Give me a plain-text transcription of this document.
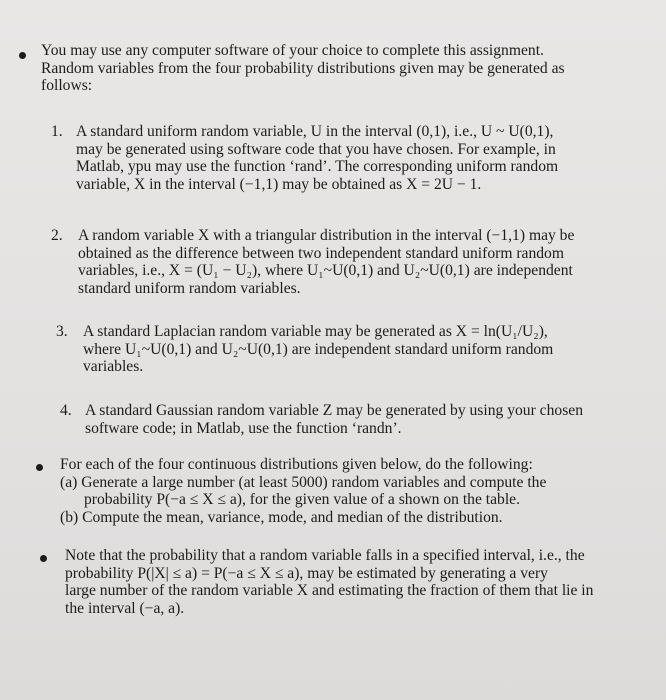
You may use any computer software of your choice to complete this assignment.

Random variables from the four probability distributions given may be generated as

follows:

1. A standard uniform random variable, U in the interval (0,1), i.e., U ~ U(0,1),

may be generated using software code that you have chosen. For example, in

Matlab, ypu may use the function ‘rand’. The corresponding uniform random

variable, X in the interval (−1,1) may be obtained as X = 2U − 1.

2. A random variable X with a triangular distribution in the interval (−1,1) may be

obtained as the difference between two independent standard uniform random

variables, i.e., X = (U₁ − U₂), where U₁~U(0,1) and U₂~U(0,1) are independent

standard uniform random variables.

3. A standard Laplacian random variable may be generated as X = ln(U₁/U₂),

where U₁~U(0,1) and U₂~U(0,1) are independent standard uniform random

variables.

4. A standard Gaussian random variable Z may be generated by using your chosen

software code; in Matlab, use the function ‘randn’.

For each of the four continuous distributions given below, do the following:

(a) Generate a large number (at least 5000) random variables and compute the

probability P(−a ≤ X ≤ a), for the given value of a shown on the table.

(b) Compute the mean, variance, mode, and median of the distribution.

Note that the probability that a random variable falls in a specified interval, i.e., the

probability P(|X| ≤ a) = P(−a ≤ X ≤ a), may be estimated by generating a very

large number of the random variable X and estimating the fraction of them that lie in

the interval (−a, a).
